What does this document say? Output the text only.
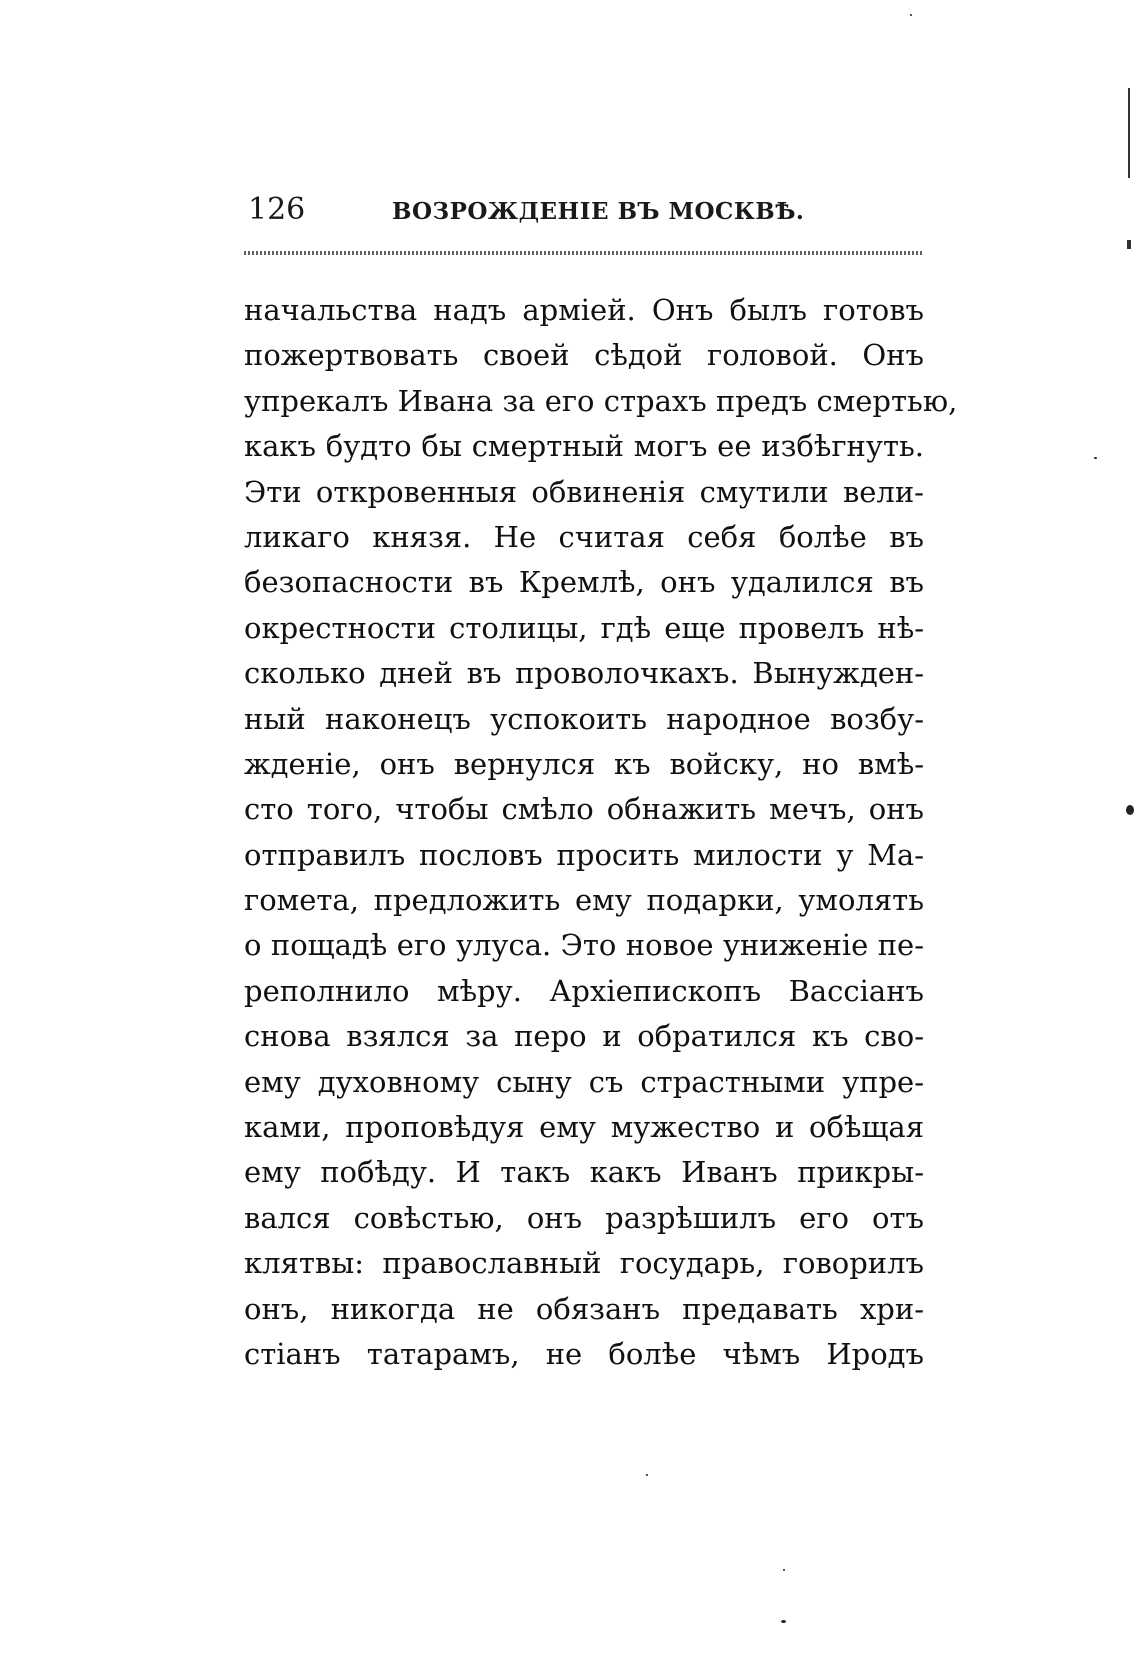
126	ВОЗРОЖДЕНІЕ ВЪ МОСКВѢ.
начальства надъ арміей. Онъ былъ готовъ
пожертвовать своей сѣдой головой. Онъ
упрекалъ Ивана за его страхъ предъ смертью,
какъ будто бы смертный могъ ее избѣгнуть.
Эти откровенныя обвиненія смутили вели-
ликаго князя. Не считая себя болѣе въ
безопасности въ Кремлѣ, онъ удалился въ
окрестности столицы, гдѣ еще провелъ нѣ-
сколько дней въ проволочкахъ. Вынужден-
ный наконецъ успокоить народное возбу-
жденіе, онъ вернулся къ войску, но вмѣ-
сто того, чтобы смѣло обнажить мечъ, онъ
отправилъ пословъ просить милости у Ма-
гомета, предложить ему подарки, умолять
о пощадѣ его улуса. Это новое униженіе пе-
реполнило мѣру. Архіепископъ Вассіанъ
снова взялся за перо и обратился къ сво-
ему духовному сыну съ страстными упре-
ками, проповѣдуя ему мужество и обѣщая
ему побѣду. И такъ какъ Иванъ прикры-
вался совѣстью, онъ разрѣшилъ его отъ
клятвы: православный государь, говорилъ
онъ, никогда не обязанъ предавать хри-
стіанъ татарамъ, не болѣе чѣмъ Иродъ
